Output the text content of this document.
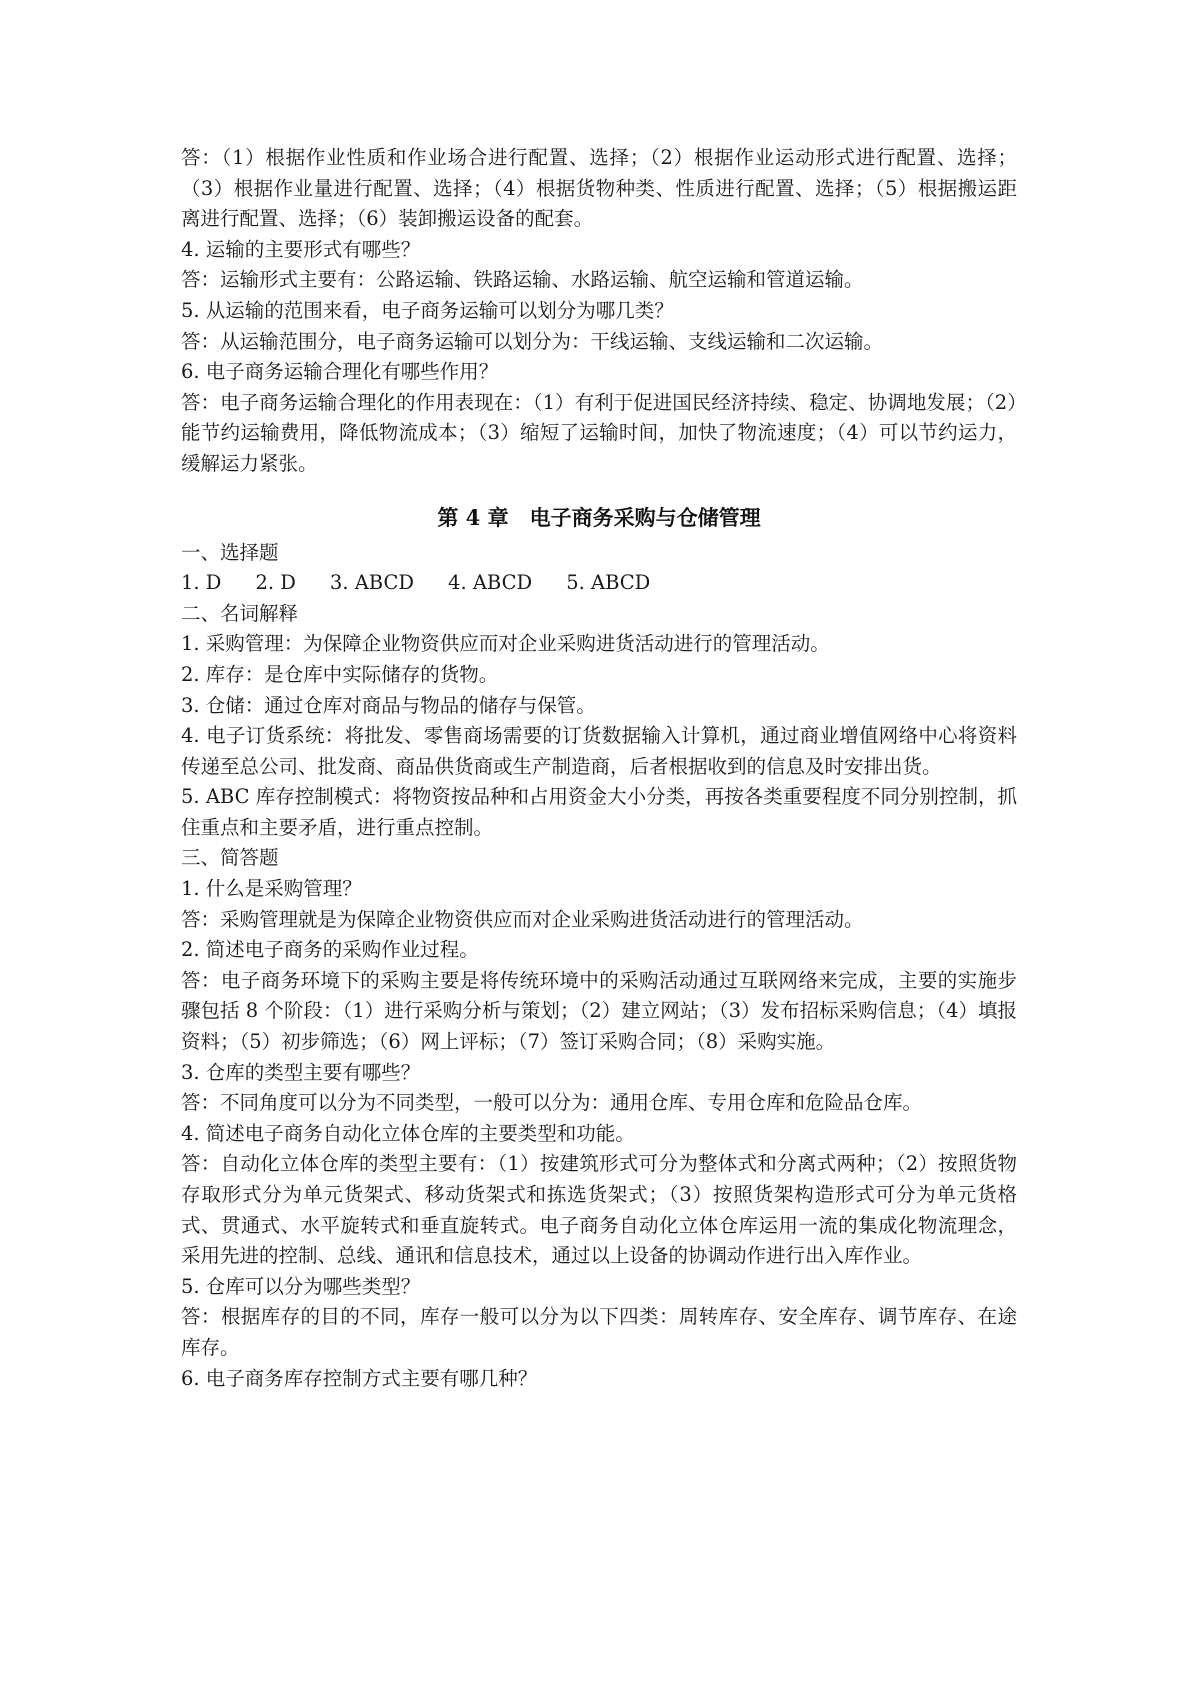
答：（1）根据作业性质和作业场合进行配置、选择；（2）根据作业运动形式进行配置、选择；（3）根据作业量进行配置、选择；（4）根据货物种类、性质进行配置、选择；（5）根据搬运距离进行配置、选择；（6）装卸搬运设备的配套。

4. 运输的主要形式有哪些？

答：运输形式主要有：公路运输、铁路运输、水路运输、航空运输和管道运输。

5. 从运输的范围来看，电子商务运输可以划分为哪几类？

答：从运输范围分，电子商务运输可以划分为：干线运输、支线运输和二次运输。

6. 电子商务运输合理化有哪些作用？

答：电子商务运输合理化的作用表现在：（1）有利于促进国民经济持续、稳定、协调地发展；（2）能节约运输费用，降低物流成本；（3）缩短了运输时间，加快了物流速度；（4）可以节约运力，缓解运力紧张。

第 4 章　电子商务采购与仓储管理

一、选择题

1. D 2. D 3. ABCD 4. ABCD 5. ABCD

二、名词解释

1. 采购管理：为保障企业物资供应而对企业采购进货活动进行的管理活动。

2. 库存：是仓库中实际储存的货物。

3. 仓储：通过仓库对商品与物品的储存与保管。

4. 电子订货系统：将批发、零售商场需要的订货数据输入计算机，通过商业增值网络中心将资料传递至总公司、批发商、商品供货商或生产制造商，后者根据收到的信息及时安排出货。

5. ABC 库存控制模式：将物资按品种和占用资金大小分类，再按各类重要程度不同分别控制，抓住重点和主要矛盾，进行重点控制。

三、简答题

1. 什么是采购管理？

答：采购管理就是为保障企业物资供应而对企业采购进货活动进行的管理活动。

2. 简述电子商务的采购作业过程。

答：电子商务环境下的采购主要是将传统环境中的采购活动通过互联网络来完成，主要的实施步骤包括 8 个阶段：（1）进行采购分析与策划；（2）建立网站；（3）发布招标采购信息；（4）填报资料；（5）初步筛选；（6）网上评标；（7）签订采购合同；（8）采购实施。

3. 仓库的类型主要有哪些？

答：不同角度可以分为不同类型，一般可以分为：通用仓库、专用仓库和危险品仓库。

4. 简述电子商务自动化立体仓库的主要类型和功能。

答：自动化立体仓库的类型主要有：（1）按建筑形式可分为整体式和分离式两种；（2）按照货物存取形式分为单元货架式、移动货架式和拣选货架式；（3）按照货架构造形式可分为单元货格式、贯通式、水平旋转式和垂直旋转式。电子商务自动化立体仓库运用一流的集成化物流理念，采用先进的控制、总线、通讯和信息技术，通过以上设备的协调动作进行出入库作业。

5. 仓库可以分为哪些类型？

答：根据库存的目的不同，库存一般可以分为以下四类：周转库存、安全库存、调节库存、在途库存。

6. 电子商务库存控制方式主要有哪几种？
